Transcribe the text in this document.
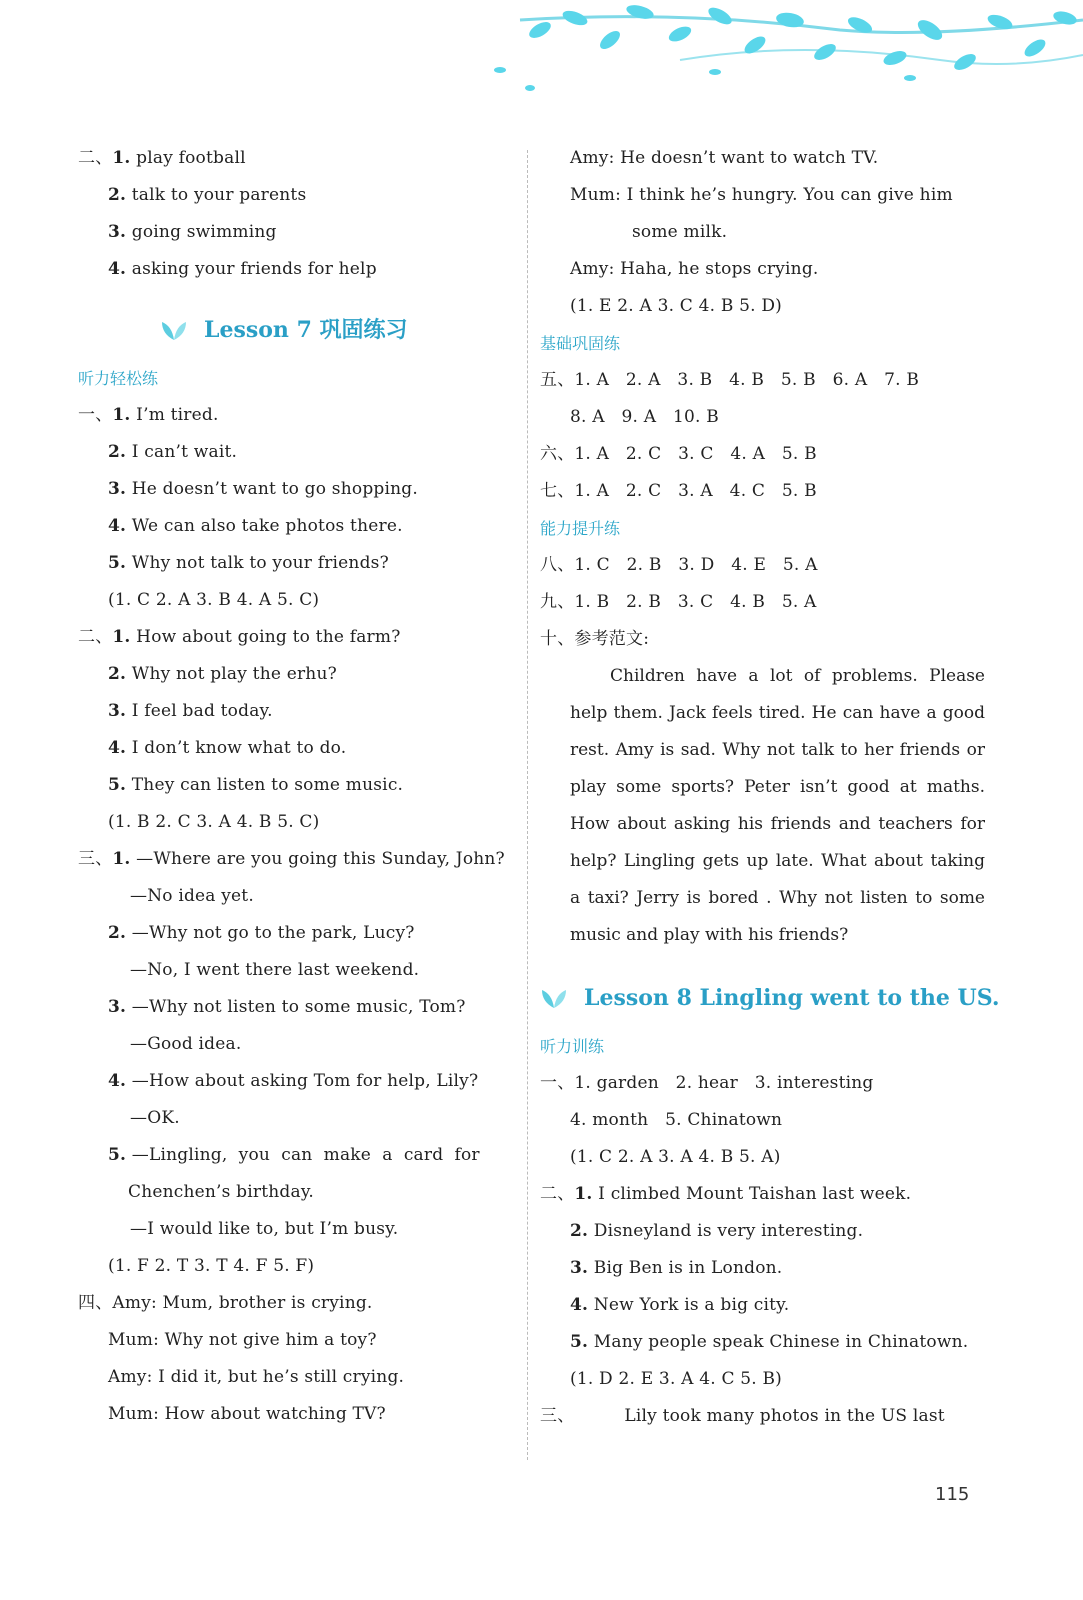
二、1. play football
2. talk to your parents
3. going swimming
4. asking your friends for help
Lesson 7 巩固练习
听力轻松练
一、1. I’m tired.
2. I can’t wait.
3. He doesn’t want to go shopping.
4. We can also take photos there.
5. Why not talk to your friends?
(1. C 2. A 3. B 4. A 5. C)
二、1. How about going to the farm?
2. Why not play the erhu?
3. I feel bad today.
4. I don’t know what to do.
5. They can listen to some music.
(1. B 2. C 3. A 4. B 5. C)
三、1. —Where are you going this Sunday, John?
—No idea yet.
2. —Why not go to the park, Lucy?
—No, I went there last weekend.
3. —Why not listen to some music, Tom?
—Good idea.
4. —How about asking Tom for help, Lily?
—OK.
5. —Lingling,  you  can  make  a  card  for
Chenchen’s birthday.
—I would like to, but I’m busy.
(1. F 2. T 3. T 4. F 5. F)
四、Amy: Mum, brother is crying.
Mum: Why not give him a toy?
Amy: I did it, but he’s still crying.
Mum: How about watching TV?
Amy: He doesn’t want to watch TV.
Mum: I think he’s hungry. You can give him
some milk.
Amy: Haha, he stops crying.
(1. E 2. A 3. C 4. B 5. D)
基础巩固练
五、1. A   2. A   3. B   4. B   5. B   6. A   7. B
8. A   9. A   10. B
六、1. A   2. C   3. C   4. A   5. B
七、1. A   2. C   3. A   4. C   5. B
能力提升练
八、1. C   2. B   3. D   4. E   5. A
九、1. B   2. B   3. C   4. B   5. A
十、参考范文:
Children have a lot of problems. Please help them. Jack feels tired. He can have a good rest. Amy is sad. Why not talk to her friends or play some sports? Peter isn’t good at maths. How about asking his friends and teachers for help? Lingling gets up late. What about taking a taxi? Jerry is bored . Why not listen to some music and play with his friends?
Lesson 8 Lingling went to the US.
听力训练
一、1. garden   2. hear   3. interesting
4. month   5. Chinatown
(1. C 2. A 3. A 4. B 5. A)
二、1. I climbed Mount Taishan last week.
2. Disneyland is very interesting.
3. Big Ben is in London.
4. New York is a big city.
5. Many people speak Chinese in Chinatown.
(1. D 2. E 3. A 4. C 5. B)
三、	Lily took many photos in the US last
115
